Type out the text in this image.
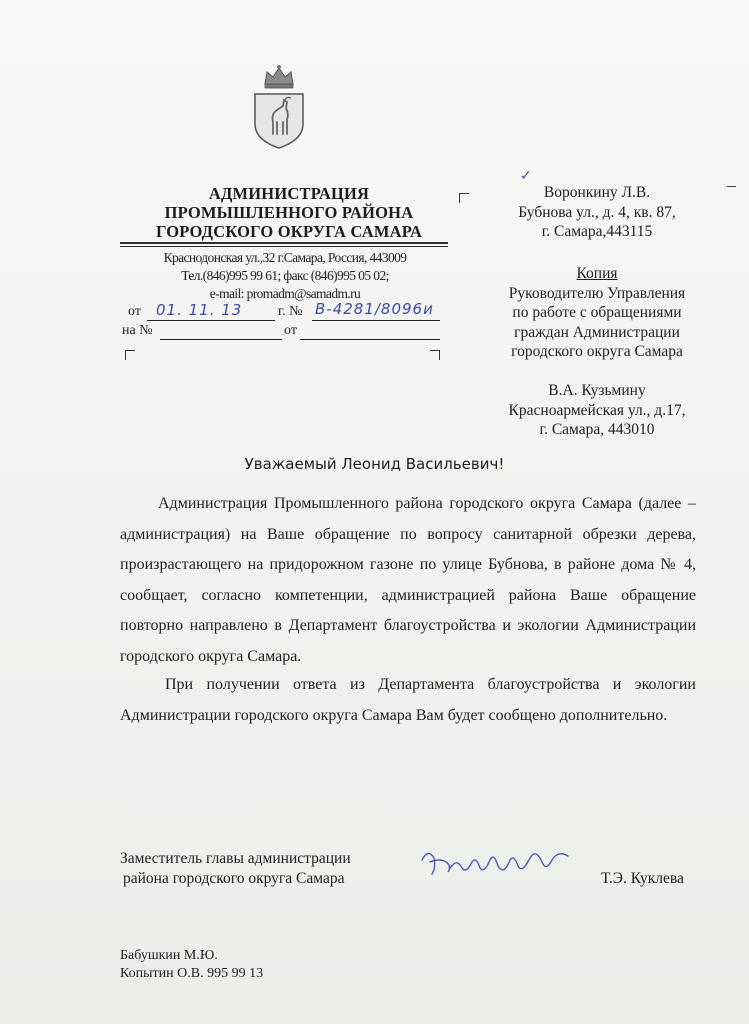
АДМИНИСТРАЦИЯ
ПРОМЫШЛЕННОГО РАЙОНА
ГОРОДСКОГО ОКРУГА САМАРА
Краснодонская ул.,32 г.Самара, Россия, 443009
Тел.(846)995 99 61; факс (846)995 05 02;
e-mail: promadm@samadm.ru
от 01. 11. 13	г. № В-4281/8096и
на №	от
✓
Воронкину Л.В.
Бубнова ул., д. 4, кв. 87,
г. Самара,443115
Копия
Руководителю Управления
по работе с обращениями
граждан Администрации
городского округа Самара
В.А. Кузьмину
Красноармейская ул., д.17,
г. Самара, 443010
Уважаемый Леонид Васильевич!
Администрация Промышленного района городского округа Самара (далее – администрация) на Ваше обращение по вопросу санитарной обрезки дерева, произрастающего на придорожном газоне по улице Бубнова, в районе дома № 4, сообщает, согласно компетенции, администрацией района Ваше обращение повторно направлено в Департамент благоустройства и экологии Администрации городского округа Самара.
При получении ответа из Департамента благоустройства и экологии Администрации городского округа Самара Вам будет сообщено дополнительно.
Заместитель главы администрации
района городского округа Самара	Т.Э. Куклева
Бабушкин М.Ю.
Копытин О.В. 995 99 13
